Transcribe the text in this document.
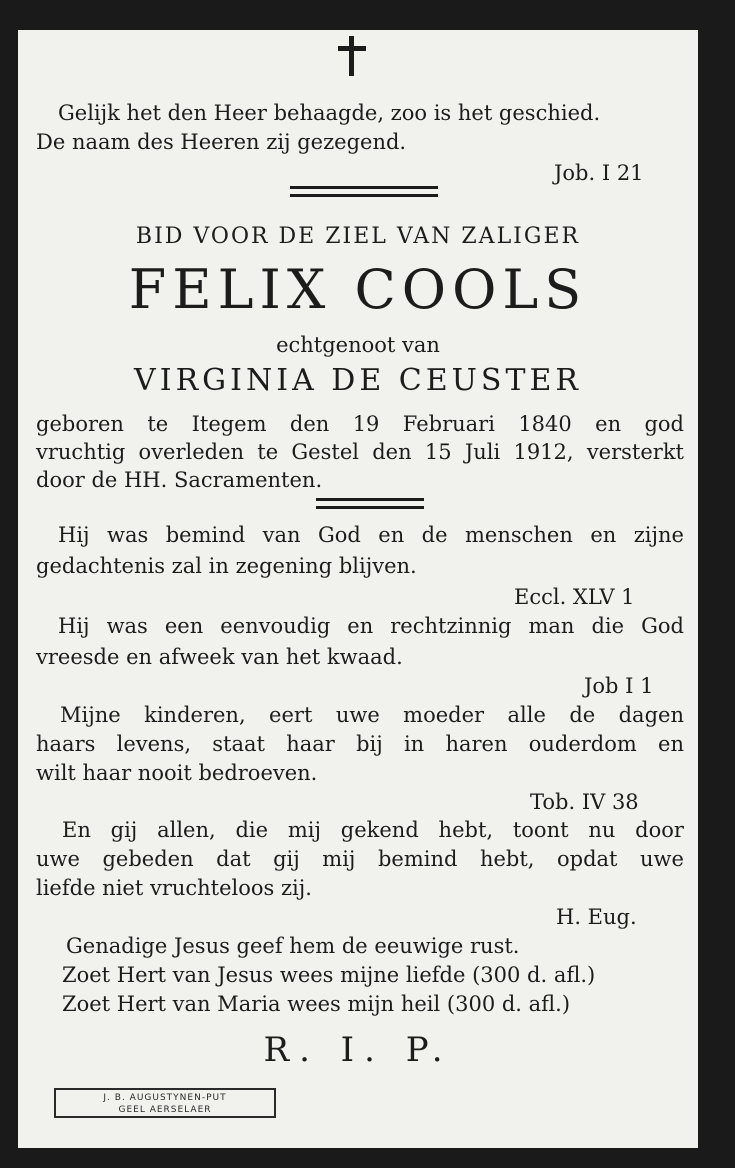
Gelijk het den Heer behaagde, zoo is het geschied.
De naam des Heeren zij gezegend.
Job. I 21
BID VOOR DE ZIEL VAN ZALIGER
FELIX COOLS
echtgenoot van
VIRGINIA DE CEUSTER
geboren te Itegem den 19 Februari 1840 en god
vruchtig overleden te Gestel den 15 Juli 1912, versterkt
door de HH. Sacramenten.
Hij was bemind van God en de menschen en zijne
gedachtenis zal in zegening blijven.
Eccl. XLV 1
Hij was een eenvoudig en rechtzinnig man die God
vreesde en afweek van het kwaad.
Job I 1
Mijne kinderen, eert uwe moeder alle de dagen
haars levens, staat haar bij in haren ouderdom en
wilt haar nooit bedroeven.
Tob. IV 38
En gij allen, die mij gekend hebt, toont nu door
uwe gebeden dat gij mij bemind hebt, opdat uwe
liefde niet vruchteloos zij.
H. Eug.
Genadige Jesus geef hem de eeuwige rust.
Zoet Hert van Jesus wees mijne liefde (300 d. afl.)
Zoet Hert van Maria wees mijn heil (300 d. afl.)
R. I. P.
J. B. AUGUSTYNEN-PUT
GEEL AERSELAER
